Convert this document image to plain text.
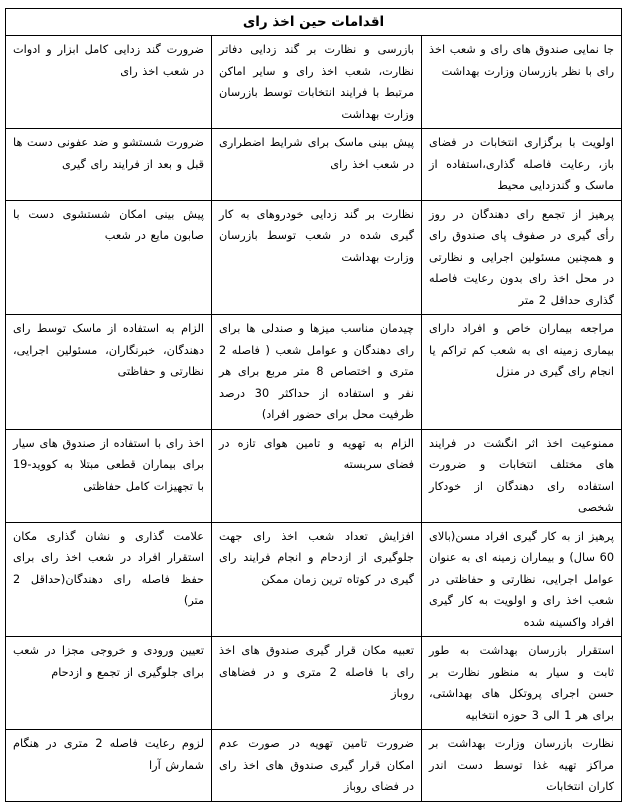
اقدامات حین اخذ رای		
جا نمایی صندوق های رای و شعب اخذ رای با نظر بازرسان وزارت بهداشت	بازرسی و نظارت بر گند زدایی دفاتر نظارت، شعب اخذ رای و سایر اماکن مرتبط با فرایند انتخابات توسط بازرسان وزارت بهداشت	ضرورت گند زدایی کامل ابزار و ادوات در شعب اخذ رای
اولویت با برگزاری انتخابات در فضای باز، رعایت فاصله گذاری،استفاده از ماسک و گندزدایی محیط	پیش بینی ماسک برای شرایط اضطراری در شعب اخذ رای	ضرورت شستشو و ضد عفونی دست ها قبل و بعد از فرایند رای گیری
پرهیز از تجمع رای دهندگان در روز رأی گیری در صفوف پای صندوق رای و همچنین مسئولین اجرایی و نظارتی در محل اخذ رای بدون رعایت فاصله گذاری حداقل 2 متر	نظارت بر گند زدایی خودروهای به کار گیری شده در شعب توسط بازرسان وزارت بهداشت	پیش بینی امکان شستشوی دست با صابون مایع در شعب
مراجعه بیماران خاص و افراد دارای بیماری زمینه ای به شعب کم تراکم یا انجام رای گیری در منزل	چیدمان مناسب میزها و صندلی ها برای رای دهندگان و عوامل شعب ( فاصله 2 متری و اختصاص 8 متر مربع برای هر نفر و استفاده از حداکثر 30 درصد ظرفیت محل برای حضور افراد)	الزام به استفاده از ماسک توسط رای دهندگان، خبرنگاران، مسئولین اجرایی، نظارتی و حفاظتی
ممنوعیت اخذ اثر انگشت در فرایند های مختلف انتخابات و ضرورت استفاده رای دهندگان از خودکار شخصی	الزام به تهویه و تامین هوای تازه در فضای سربسته	اخذ رای با استفاده از صندوق های سیار برای بیماران قطعی مبتلا به کووید-19 با تجهیزات کامل حفاظتی
پرهیز از به کار گیری افراد مسن(بالای 60 سال) و بیماران زمینه ای به عنوان عوامل اجرایی، نظارتی و حفاظتی در شعب اخذ رای و اولویت به کار گیری افراد واکسینه شده	افزایش تعداد شعب اخذ رای جهت جلوگیری از ازدحام و انجام فرایند رای گیری در کوتاه ترین زمان ممکن	علامت گذاری و نشان گذاری مکان استقرار افراد در شعب اخذ رای برای حفظ فاصله رای دهندگان(حداقل 2 متر)
استقرار بازرسان بهداشت به طور ثابت و سیار به منظور نظارت بر حسن اجرای پروتکل های بهداشتی، برای هر 1 الی 3 حوزه انتخابیه	تعبیه مکان قرار گیری صندوق های اخذ رای با فاصله 2 متری و در فضاهای روباز	تعیین ورودی و خروجی مجزا در شعب برای جلوگیری از تجمع و ازدحام
نظارت بازرسان وزارت بهداشت بر مراکز تهیه غذا توسط دست اندر کاران انتخابات	ضرورت تامین تهویه در صورت عدم امکان قرار گیری صندوق های اخذ رای در فضای روباز	لزوم رعایت فاصله 2 متری در هنگام شمارش آرا
